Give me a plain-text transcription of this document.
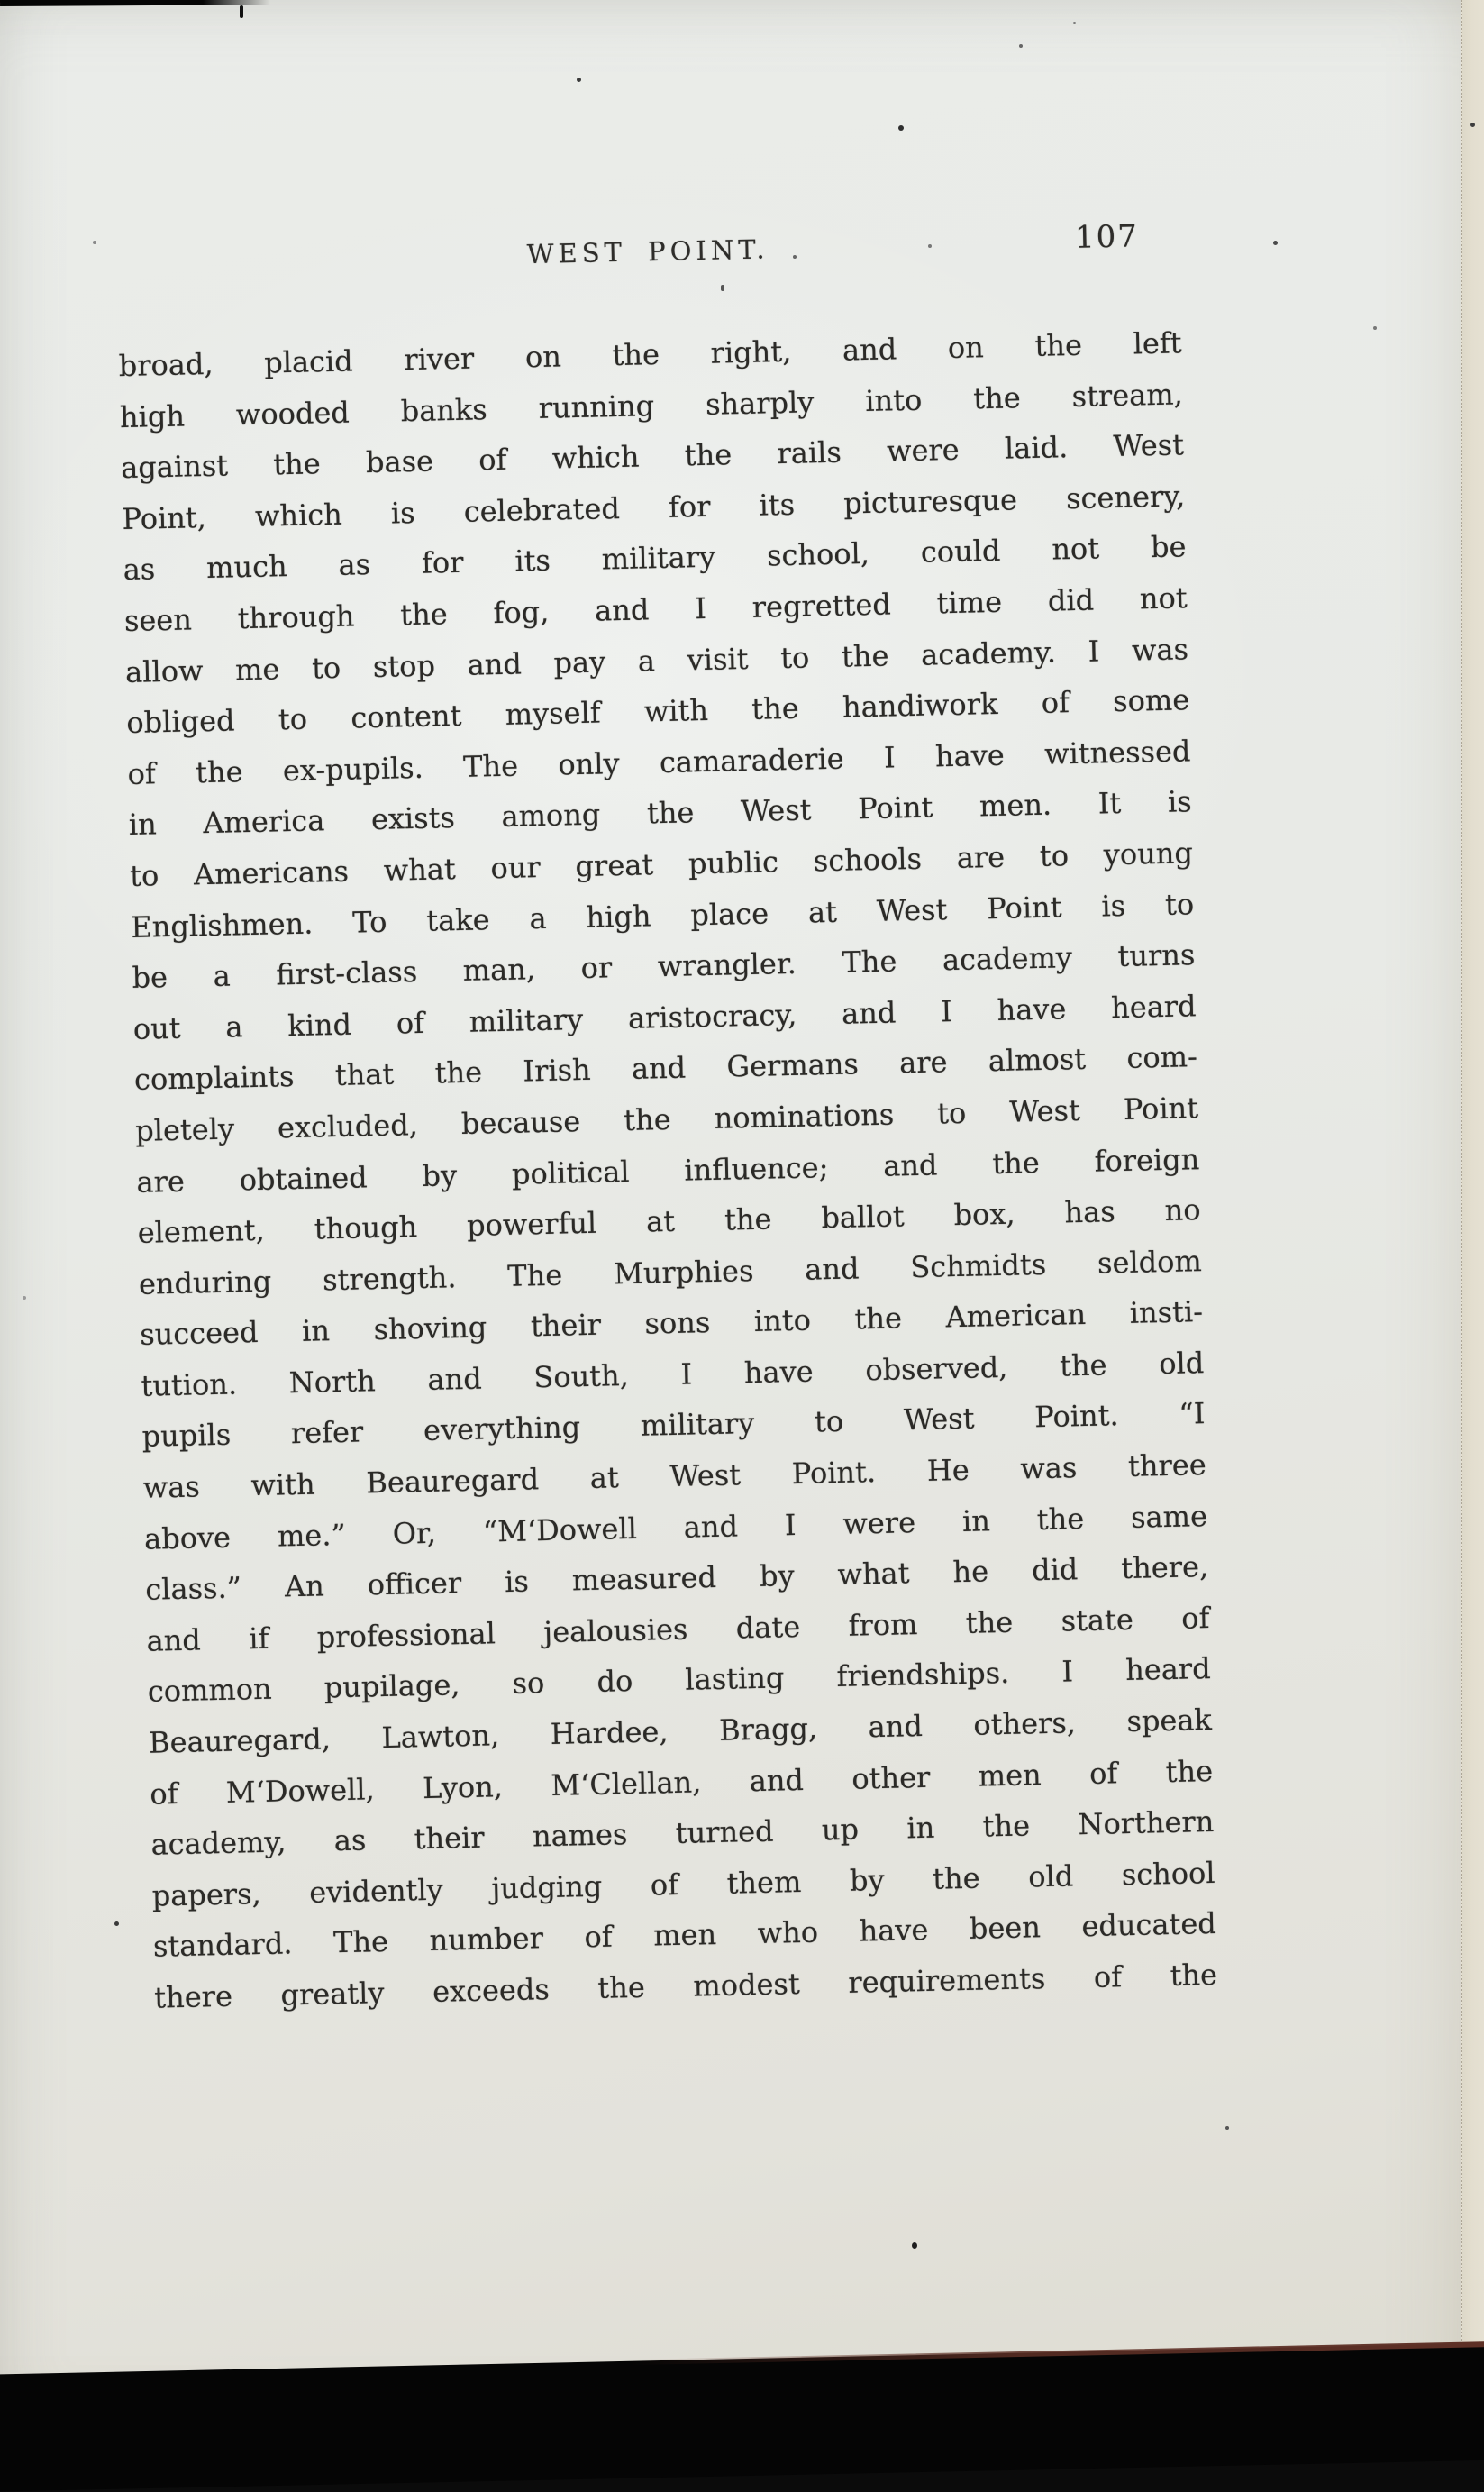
WEST POINT.	107
broad, placid river on the right, and on the left
high wooded banks running sharply into the stream,
against the base of which the rails were laid. West
Point, which is celebrated for its picturesque scenery,
as much as for its military school, could not be
seen through the fog, and I regretted time did not
allow me to stop and pay a visit to the academy. I was
obliged to content myself with the handiwork of some
of the ex-pupils. The only camaraderie I have witnessed
in America exists among the West Point men. It is
to Americans what our great public schools are to young
Englishmen. To take a high place at West Point is to
be a first-class man, or wrangler. The academy turns
out a kind of military aristocracy, and I have heard
complaints that the Irish and Germans are almost com-
pletely excluded, because the nominations to West Point
are obtained by political influence; and the foreign
element, though powerful at the ballot box, has no
enduring strength. The Murphies and Schmidts seldom
succeed in shoving their sons into the American insti-
tution. North and South, I have observed, the old
pupils refer everything military to West Point. “I
was with Beauregard at West Point. He was three
above me.” Or, “M‘Dowell and I were in the same
class.” An officer is measured by what he did there,
and if professional jealousies date from the state of
common pupilage, so do lasting friendships. I heard
Beauregard, Lawton, Hardee, Bragg, and others, speak
of M‘Dowell, Lyon, M‘Clellan, and other men of the
academy, as their names turned up in the Northern
papers, evidently judging of them by the old school
standard. The number of men who have been educated
there greatly exceeds the modest requirements of the
